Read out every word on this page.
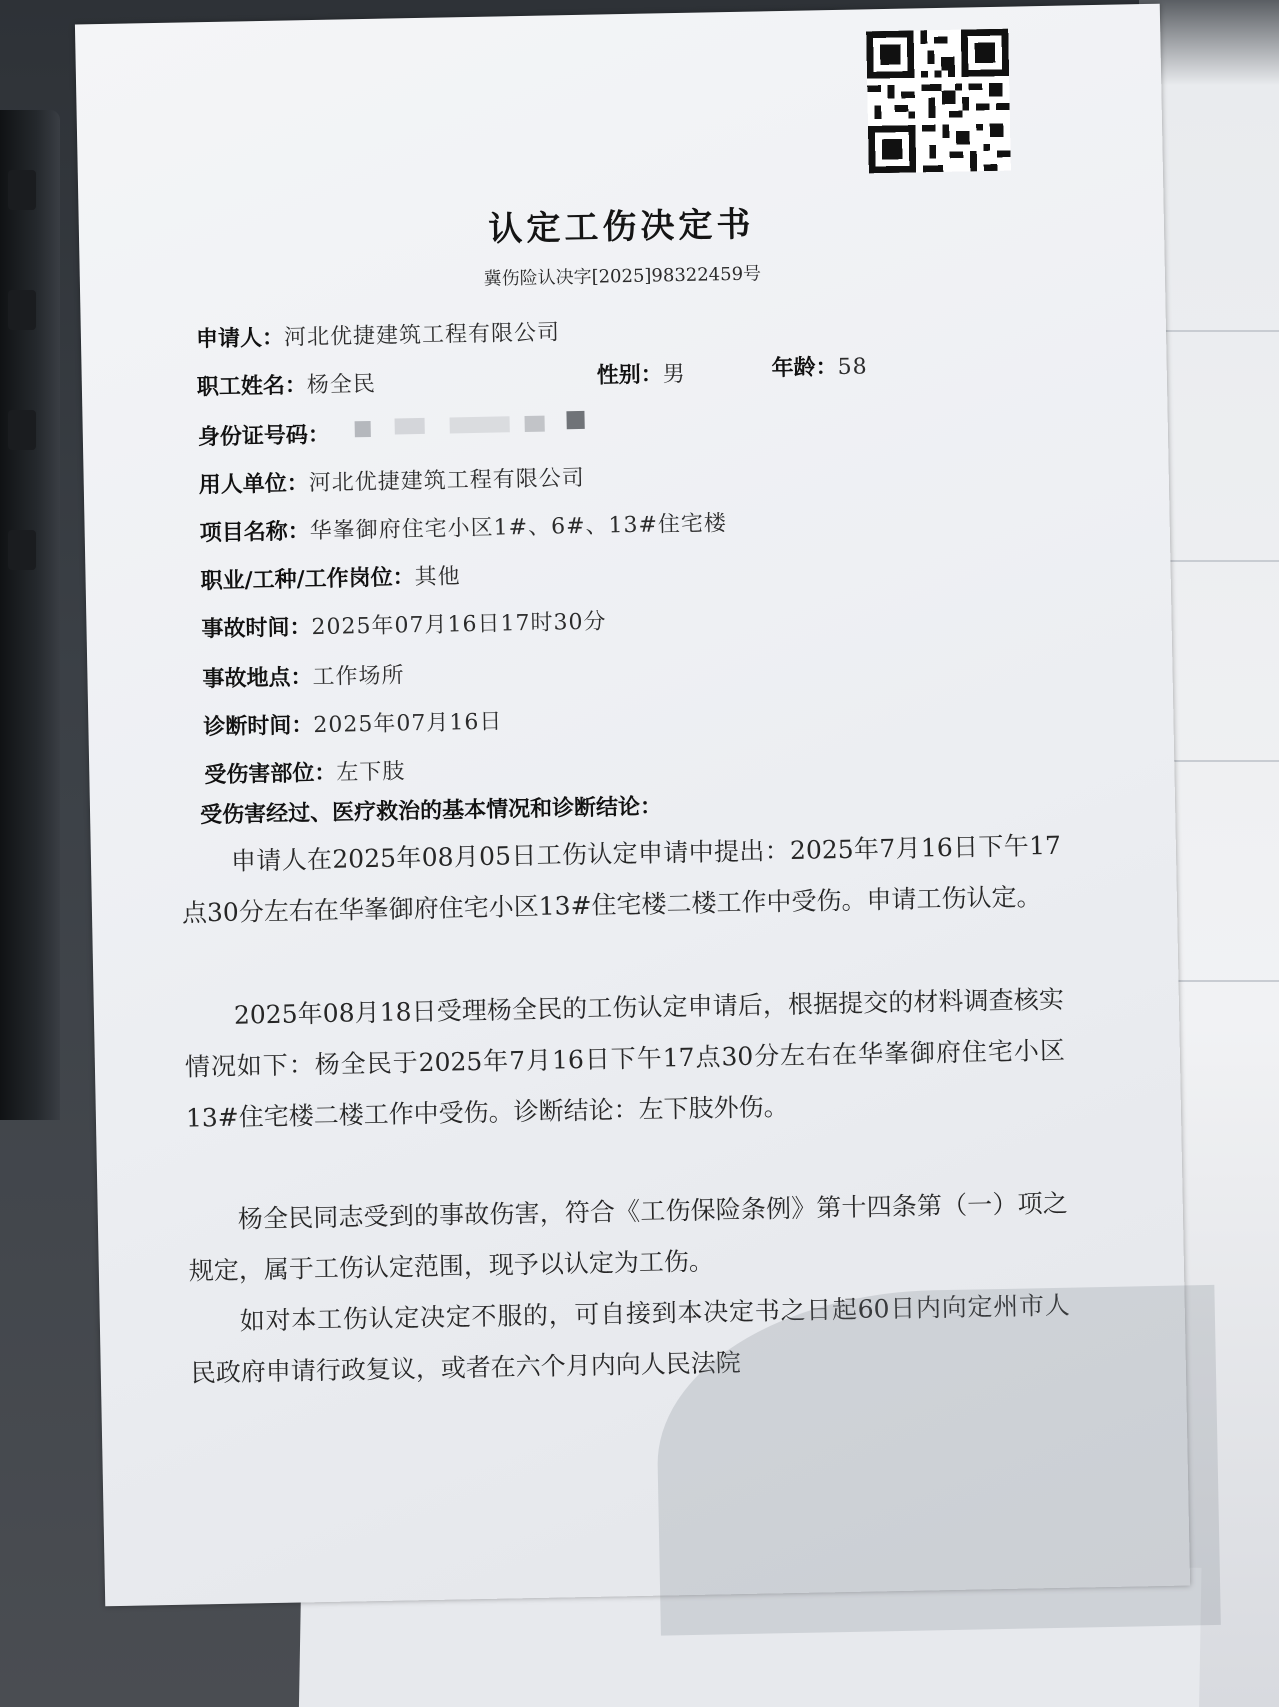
认定工伤决定书
冀伤险认决字[2025]98322459号
申请人：河北优捷建筑工程有限公司
职工姓名：杨全民	性别：男	年龄：58
身份证号码：
用人单位：河北优捷建筑工程有限公司
项目名称：华峯御府住宅小区1#、6#、13#住宅楼
职业/工种/工作岗位：其他
事故时间：2025年07月16日17时30分
事故地点：工作场所
诊断时间：2025年07月16日
受伤害部位：左下肢
受伤害经过、医疗救治的基本情况和诊断结论：
申请人在2025年08月05日工伤认定申请中提出：2025年7月16日下午17点30分左右在华峯御府住宅小区13#住宅楼二楼工作中受伤。申请工伤认定。
2025年08月18日受理杨全民的工伤认定申请后，根据提交的材料调查核实情况如下：杨全民于2025年7月16日下午17点30分左右在华峯御府住宅小区13#住宅楼二楼工作中受伤。诊断结论：左下肢外伤。
杨全民同志受到的事故伤害，符合《工伤保险条例》第十四条第（一）项之规定，属于工伤认定范围，现予以认定为工伤。
如对本工伤认定决定不服的，可自接到本决定书之日起60日内向定州市人民政府申请行政复议，或者在六个月内向人民法院
